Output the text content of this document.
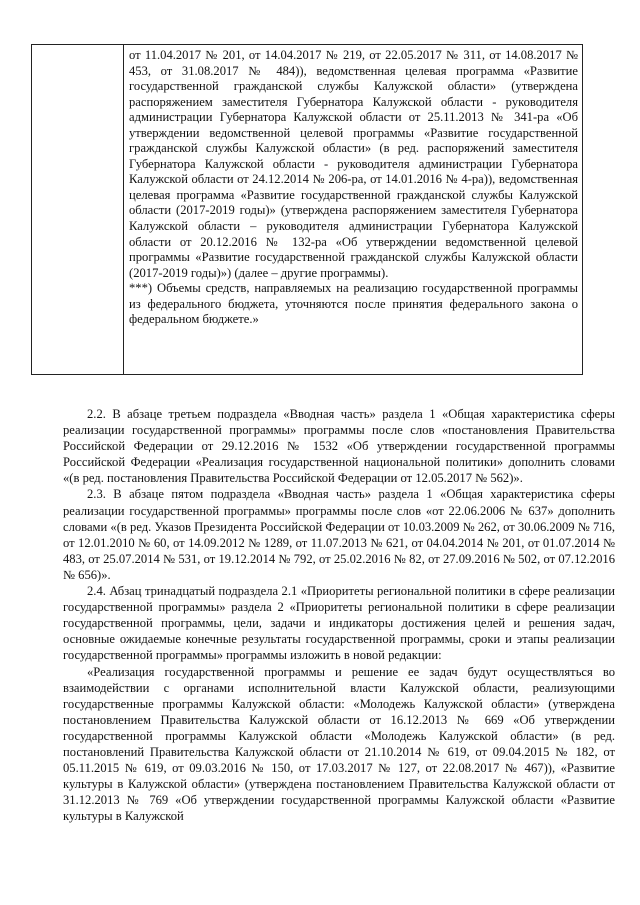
от 11.04.2017 № 201, от 14.04.2017 № 219, от 22.05.2017 № 311, от 14.08.2017 № 453, от 31.08.2017 № 484)), ведомственная целевая программа «Развитие государственной гражданской службы Калужской области» (утверждена распоряжением заместителя Губернатора Калужской области - руководителя администрации Губернатора Калужской области от 25.11.2013 № 341-ра «Об утверждении ведомственной целевой программы «Развитие государственной гражданской службы Калужской области» (в ред. распоряжений заместителя Губернатора Калужской области - руководителя администрации Губернатора Калужской области от 24.12.2014 № 206-ра, от 14.01.2016 № 4-ра)), ведомственная целевая программа «Развитие государственной гражданской службы Калужской области (2017-2019 годы)» (утверждена распоряжением заместителя Губернатора Калужской области – руководителя администрации Губернатора Калужской области от 20.12.2016 № 132-ра «Об утверждении ведомственной целевой программы «Развитие государственной гражданской службы Калужской области (2017-2019 годы)») (далее – другие программы).

***) Объемы средств, направляемых на реализацию государственной программы из федерального бюджета, уточняются после принятия федерального закона о федеральном бюджете.»

2.2. В абзаце третьем подраздела «Вводная часть» раздела 1 «Общая характеристика сферы реализации государственной программы» программы после слов «постановления Правительства Российской Федерации от 29.12.2016 № 1532 «Об утверждении государственной программы Российской Федерации «Реализация государственной национальной политики» дополнить словами «(в ред. постановления Правительства Российской Федерации от 12.05.2017 № 562)».

2.3. В абзаце пятом подраздела «Вводная часть» раздела 1 «Общая характеристика сферы реализации государственной программы» программы после слов «от 22.06.2006 № 637» дополнить словами «(в ред. Указов Президента Российской Федерации от 10.03.2009 № 262, от 30.06.2009 № 716, от 12.01.2010 № 60, от 14.09.2012 № 1289, от 11.07.2013 № 621, от 04.04.2014 № 201, от 01.07.2014 № 483, от 25.07.2014 № 531, от 19.12.2014 № 792, от 25.02.2016 № 82, от 27.09.2016 № 502, от 07.12.2016 № 656)».

2.4. Абзац тринадцатый подраздела 2.1 «Приоритеты региональной политики в сфере реализации государственной программы» раздела 2 «Приоритеты региональной политики в сфере реализации государственной программы, цели, задачи и индикаторы достижения целей и решения задач, основные ожидаемые конечные результаты государственной программы, сроки и этапы реализации государственной программы» программы изложить в новой редакции:

«Реализация государственной программы и решение ее задач будут осуществляться во взаимодействии с органами исполнительной власти Калужской области, реализующими государственные программы Калужской области: «Молодежь Калужской области» (утверждена постановлением Правительства Калужской области от 16.12.2013 № 669 «Об утверждении государственной программы Калужской области «Молодежь Калужской области» (в ред. постановлений Правительства Калужской области от 21.10.2014 № 619, от 09.04.2015 № 182, от 05.11.2015 № 619, от 09.03.2016 № 150, от 17.03.2017 № 127, от 22.08.2017 № 467)), «Развитие культуры в Калужской области» (утверждена постановлением Правительства Калужской области от 31.12.2013 № 769 «Об утверждении государственной программы Калужской области «Развитие культуры в Калужской
